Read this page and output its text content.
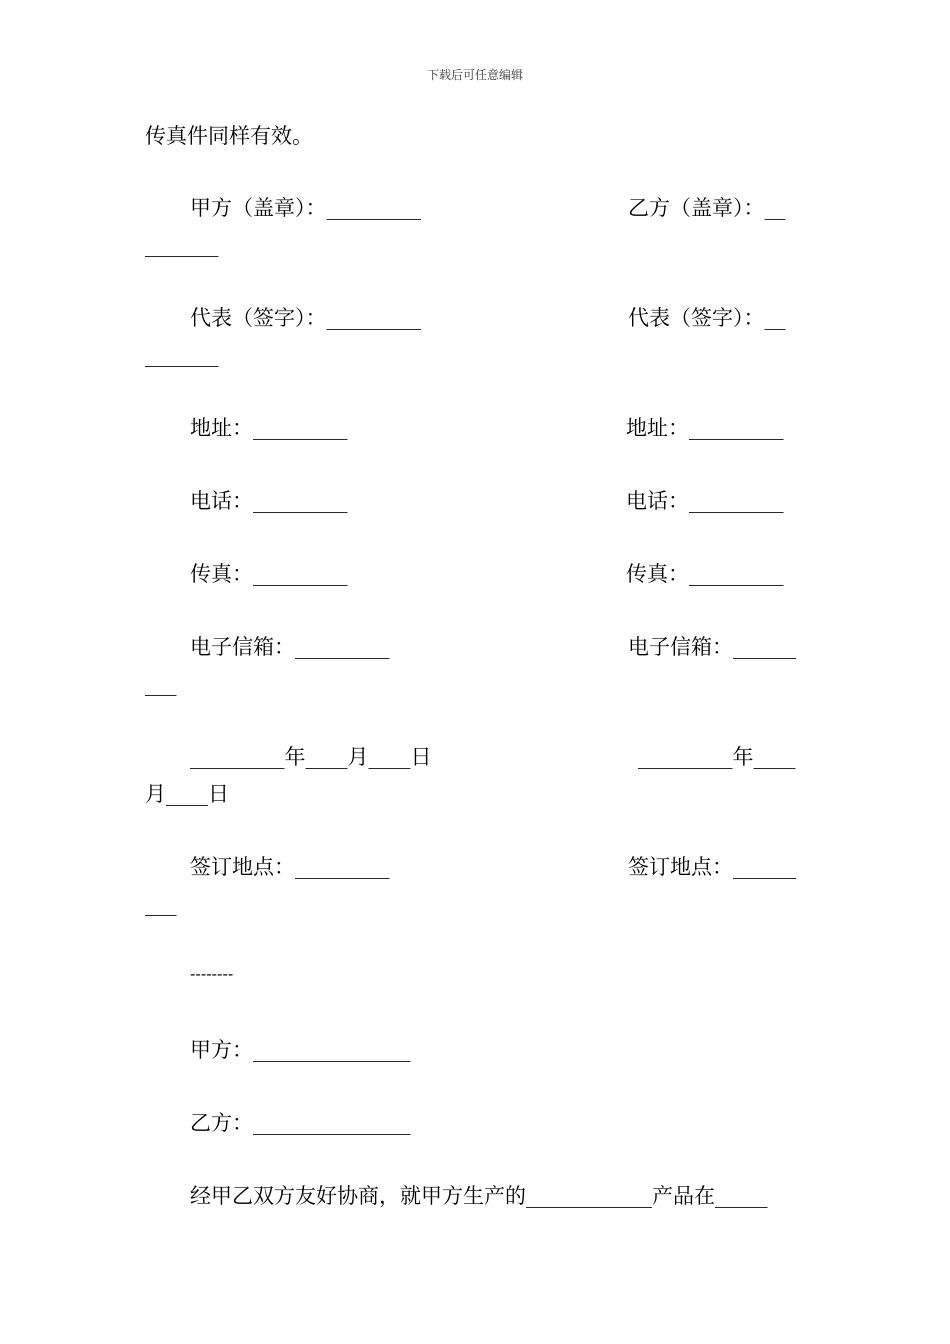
下载后可任意编辑
传真件同样有效。
甲方（盖章）：_________	乙方（盖章）：__
_______
代表（签字）：_________	代表（签字）：__
_______
地址：_________	地址：_________
电话：_________	电话：_________
传真：_________	传真：_________
电子信箱：_________	电子信箱：______
___
_________年____月____日	_________年____
月____日
签订地点：_________	签订地点：______
___
--------
甲方：_______________
乙方：_______________
经甲乙双方友好协商，就甲方生产的____________产品在_____
